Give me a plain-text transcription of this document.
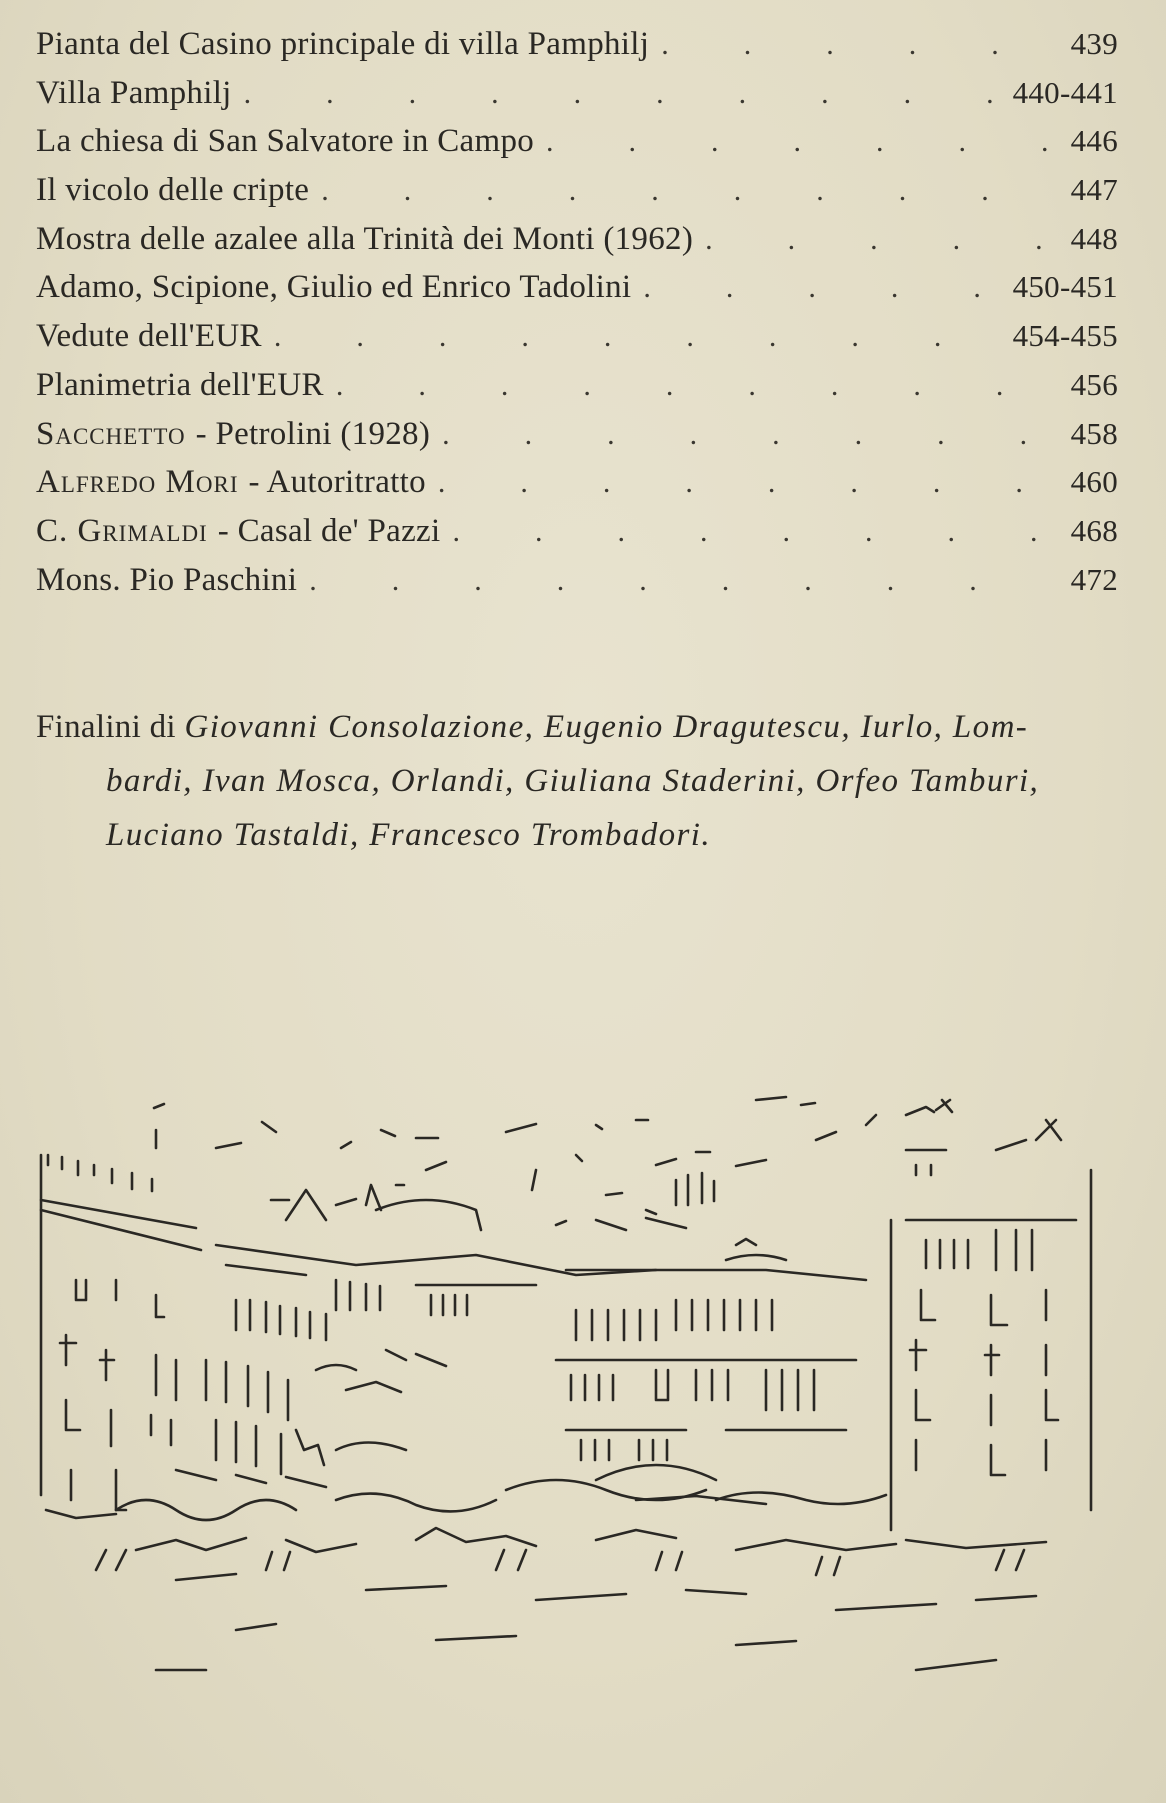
Pianta del Casino principale di villa Pamphilj .	439
Villa Pamphilj .	440-441
La chiesa di San Salvatore in Campo .	446
Il vicolo delle cripte .	447
Mostra delle azalee alla Trinità dei Monti (1962) .	448
Adamo, Scipione, Giulio ed Enrico Tadolini .	450-451
Vedute dell'EUR .	454-455
Planimetria dell'EUR .	456
Sacchetto - Petrolini (1928) .	458
Alfredo Mori - Autoritratto .	460
C. Grimaldi - Casal de' Pazzi .	468
Mons. Pio Paschini .	472
Finalini di Giovanni Consolazione, Eugenio Dragutescu, Iurlo, Lom-
bardi, Ivan Mosca, Orlandi, Giuliana Staderini, Orfeo Tamburi,
Luciano Tastaldi, Francesco Trombadori.
